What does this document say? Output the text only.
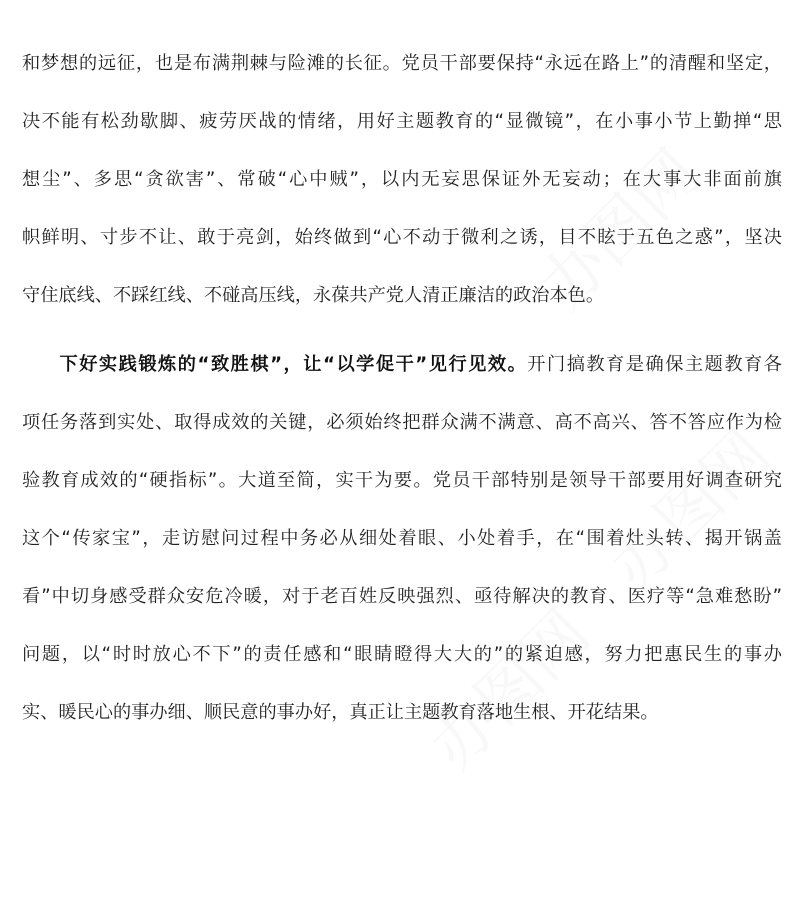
办图网
办图网
办图网
和梦想的远征，也是布满荆棘与险滩的长征。党员干部要保持“永远在路上”的清醒和坚定，
决不能有松劲歇脚、疲劳厌战的情绪，用好主题教育的“显微镜”，在小事小节上勤掸“思
想尘”、多思“贪欲害”、常破“心中贼”，以内无妄思保证外无妄动；在大事大非面前旗
帜鲜明、寸步不让、敢于亮剑，始终做到“心不动于微利之诱，目不眩于五色之惑”，坚决
守住底线、不踩红线、不碰高压线，永葆共产党人清正廉洁的政治本色。
下好实践锻炼的“致胜棋”，让“以学促干”见行见效。开门搞教育是确保主题教育各
项任务落到实处、取得成效的关键，必须始终把群众满不满意、高不高兴、答不答应作为检
验教育成效的“硬指标”。大道至简，实干为要。党员干部特别是领导干部要用好调查研究
这个“传家宝”，走访慰问过程中务必从细处着眼、小处着手，在“围着灶头转、揭开锅盖
看”中切身感受群众安危冷暖，对于老百姓反映强烈、亟待解决的教育、医疗等“急难愁盼”
问题，以“时时放心不下”的责任感和“眼睛瞪得大大的”的紧迫感，努力把惠民生的事办
实、暖民心的事办细、顺民意的事办好，真正让主题教育落地生根、开花结果。
